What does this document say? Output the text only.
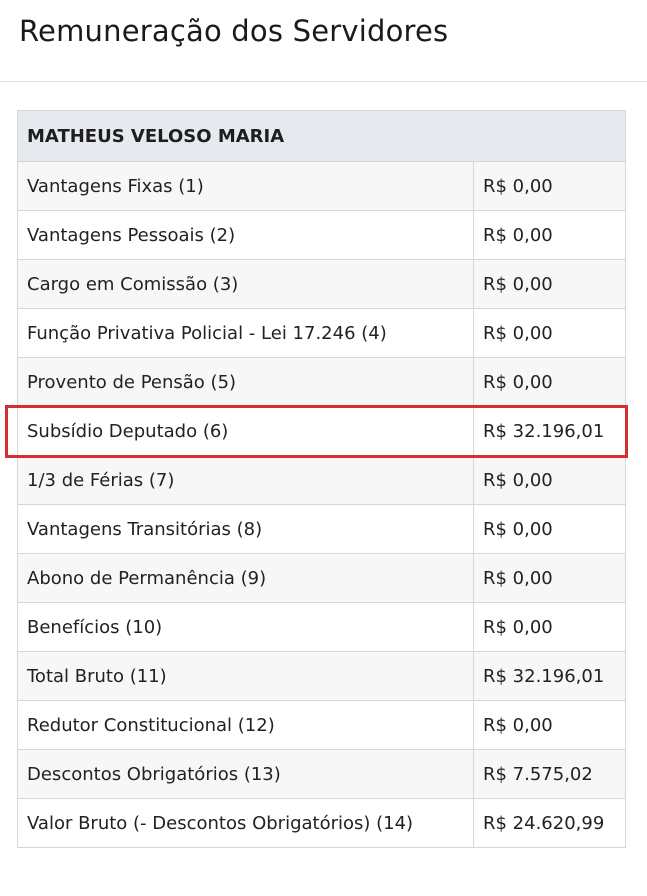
Remuneração dos Servidores
MATHEUS VELOSO MARIA	
Vantagens Fixas (1)	R$ 0,00
Vantagens Pessoais (2)	R$ 0,00
Cargo em Comissão (3)	R$ 0,00
Função Privativa Policial - Lei 17.246 (4)	R$ 0,00
Provento de Pensão (5)	R$ 0,00
Subsídio Deputado (6)	R$ 32.196,01
1/3 de Férias (7)	R$ 0,00
Vantagens Transitórias (8)	R$ 0,00
Abono de Permanência (9)	R$ 0,00
Benefícios (10)	R$ 0,00
Total Bruto (11)	R$ 32.196,01
Redutor Constitucional (12)	R$ 0,00
Descontos Obrigatórios (13)	R$ 7.575,02
Valor Bruto (- Descontos Obrigatórios) (14)	R$ 24.620,99
